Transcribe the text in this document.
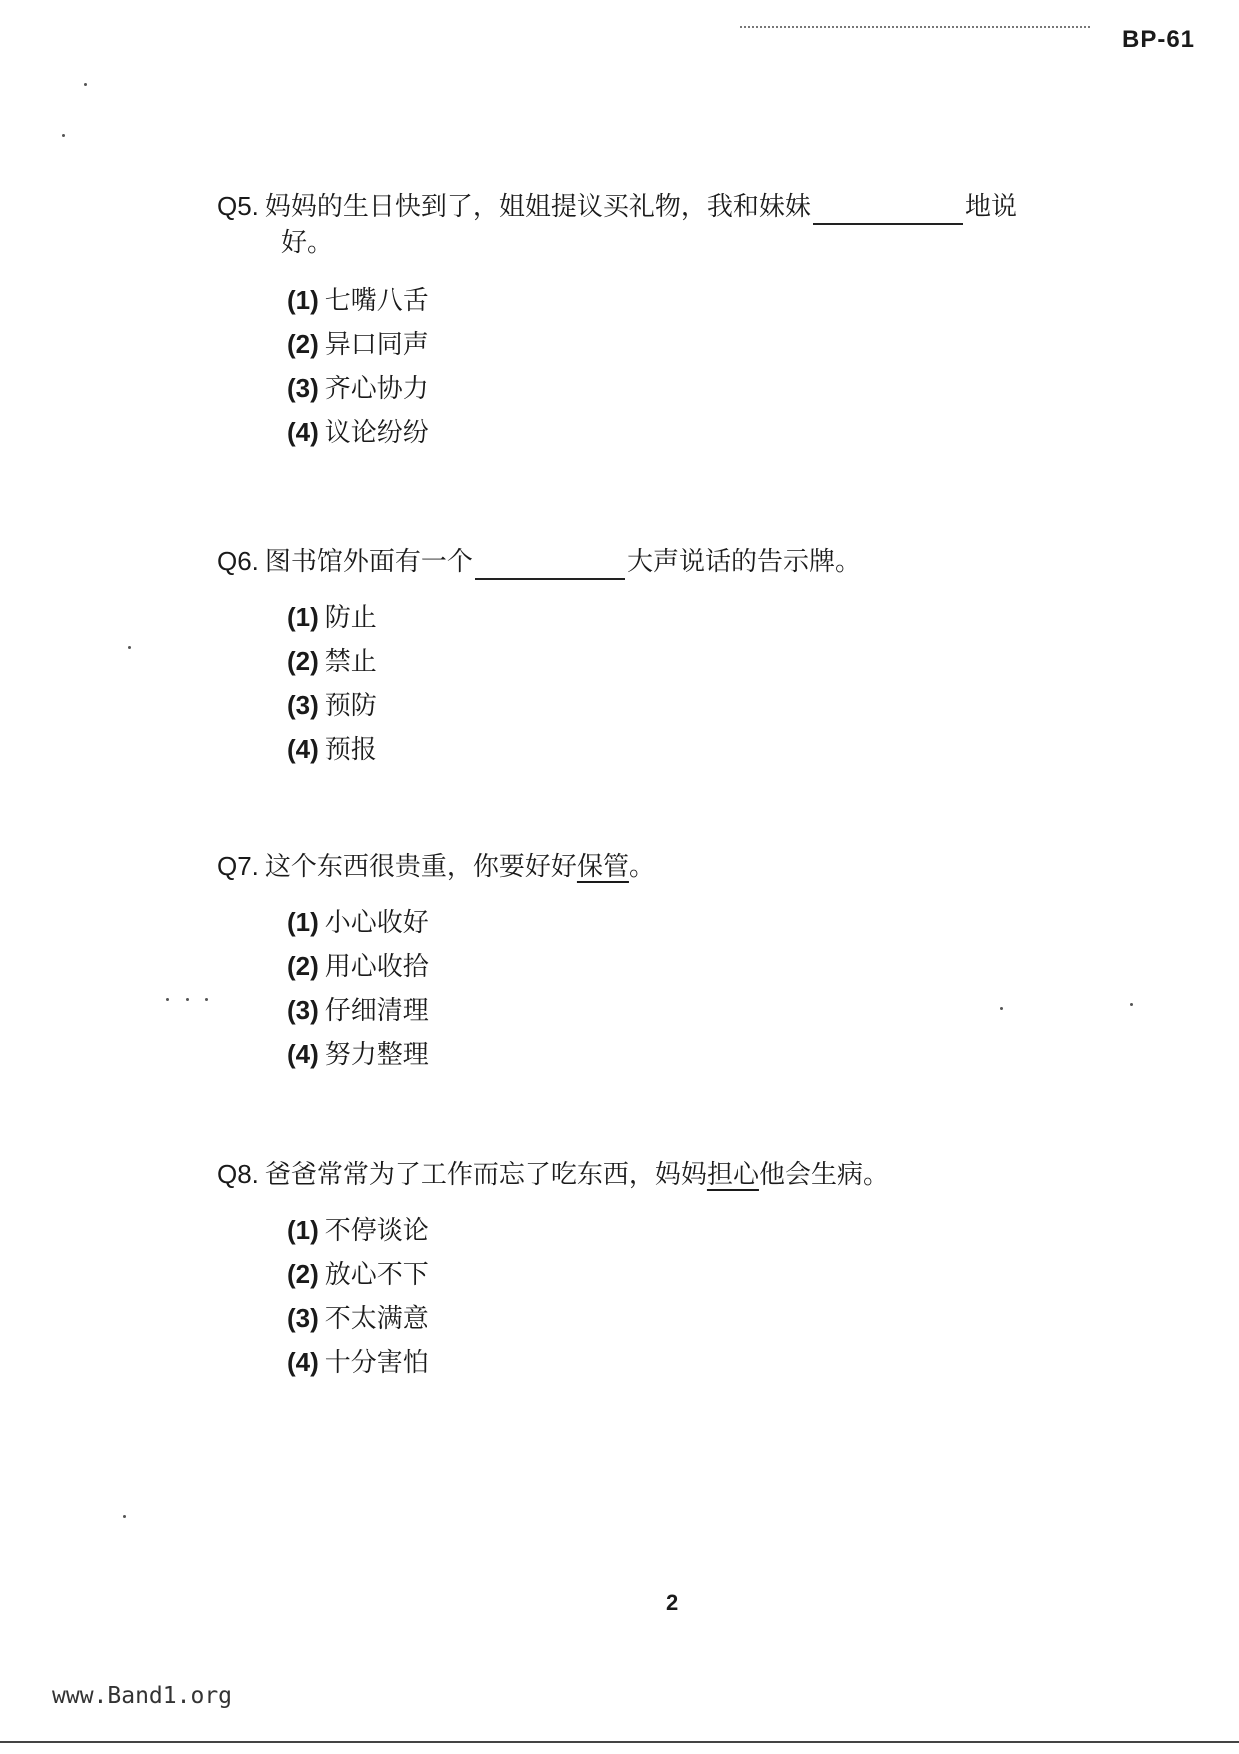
BP-61
Q5. 妈妈的生日快到了，姐姐提议买礼物，我和妹妹	地说
好。
(1) 七嘴八舌
(2) 异口同声
(3) 齐心协力
(4) 议论纷纷
Q6. 图书馆外面有一个	大声说话的告示牌。
(1) 防止
(2) 禁止
(3) 预防
(4) 预报
Q7. 这个东西很贵重，你要好好保管。
(1) 小心收好
(2) 用心收拾
(3) 仔细清理
(4) 努力整理
Q8. 爸爸常常为了工作而忘了吃东西，妈妈担心他会生病。
(1) 不停谈论
(2) 放心不下
(3) 不太满意
(4) 十分害怕
2
www.Band1.org
